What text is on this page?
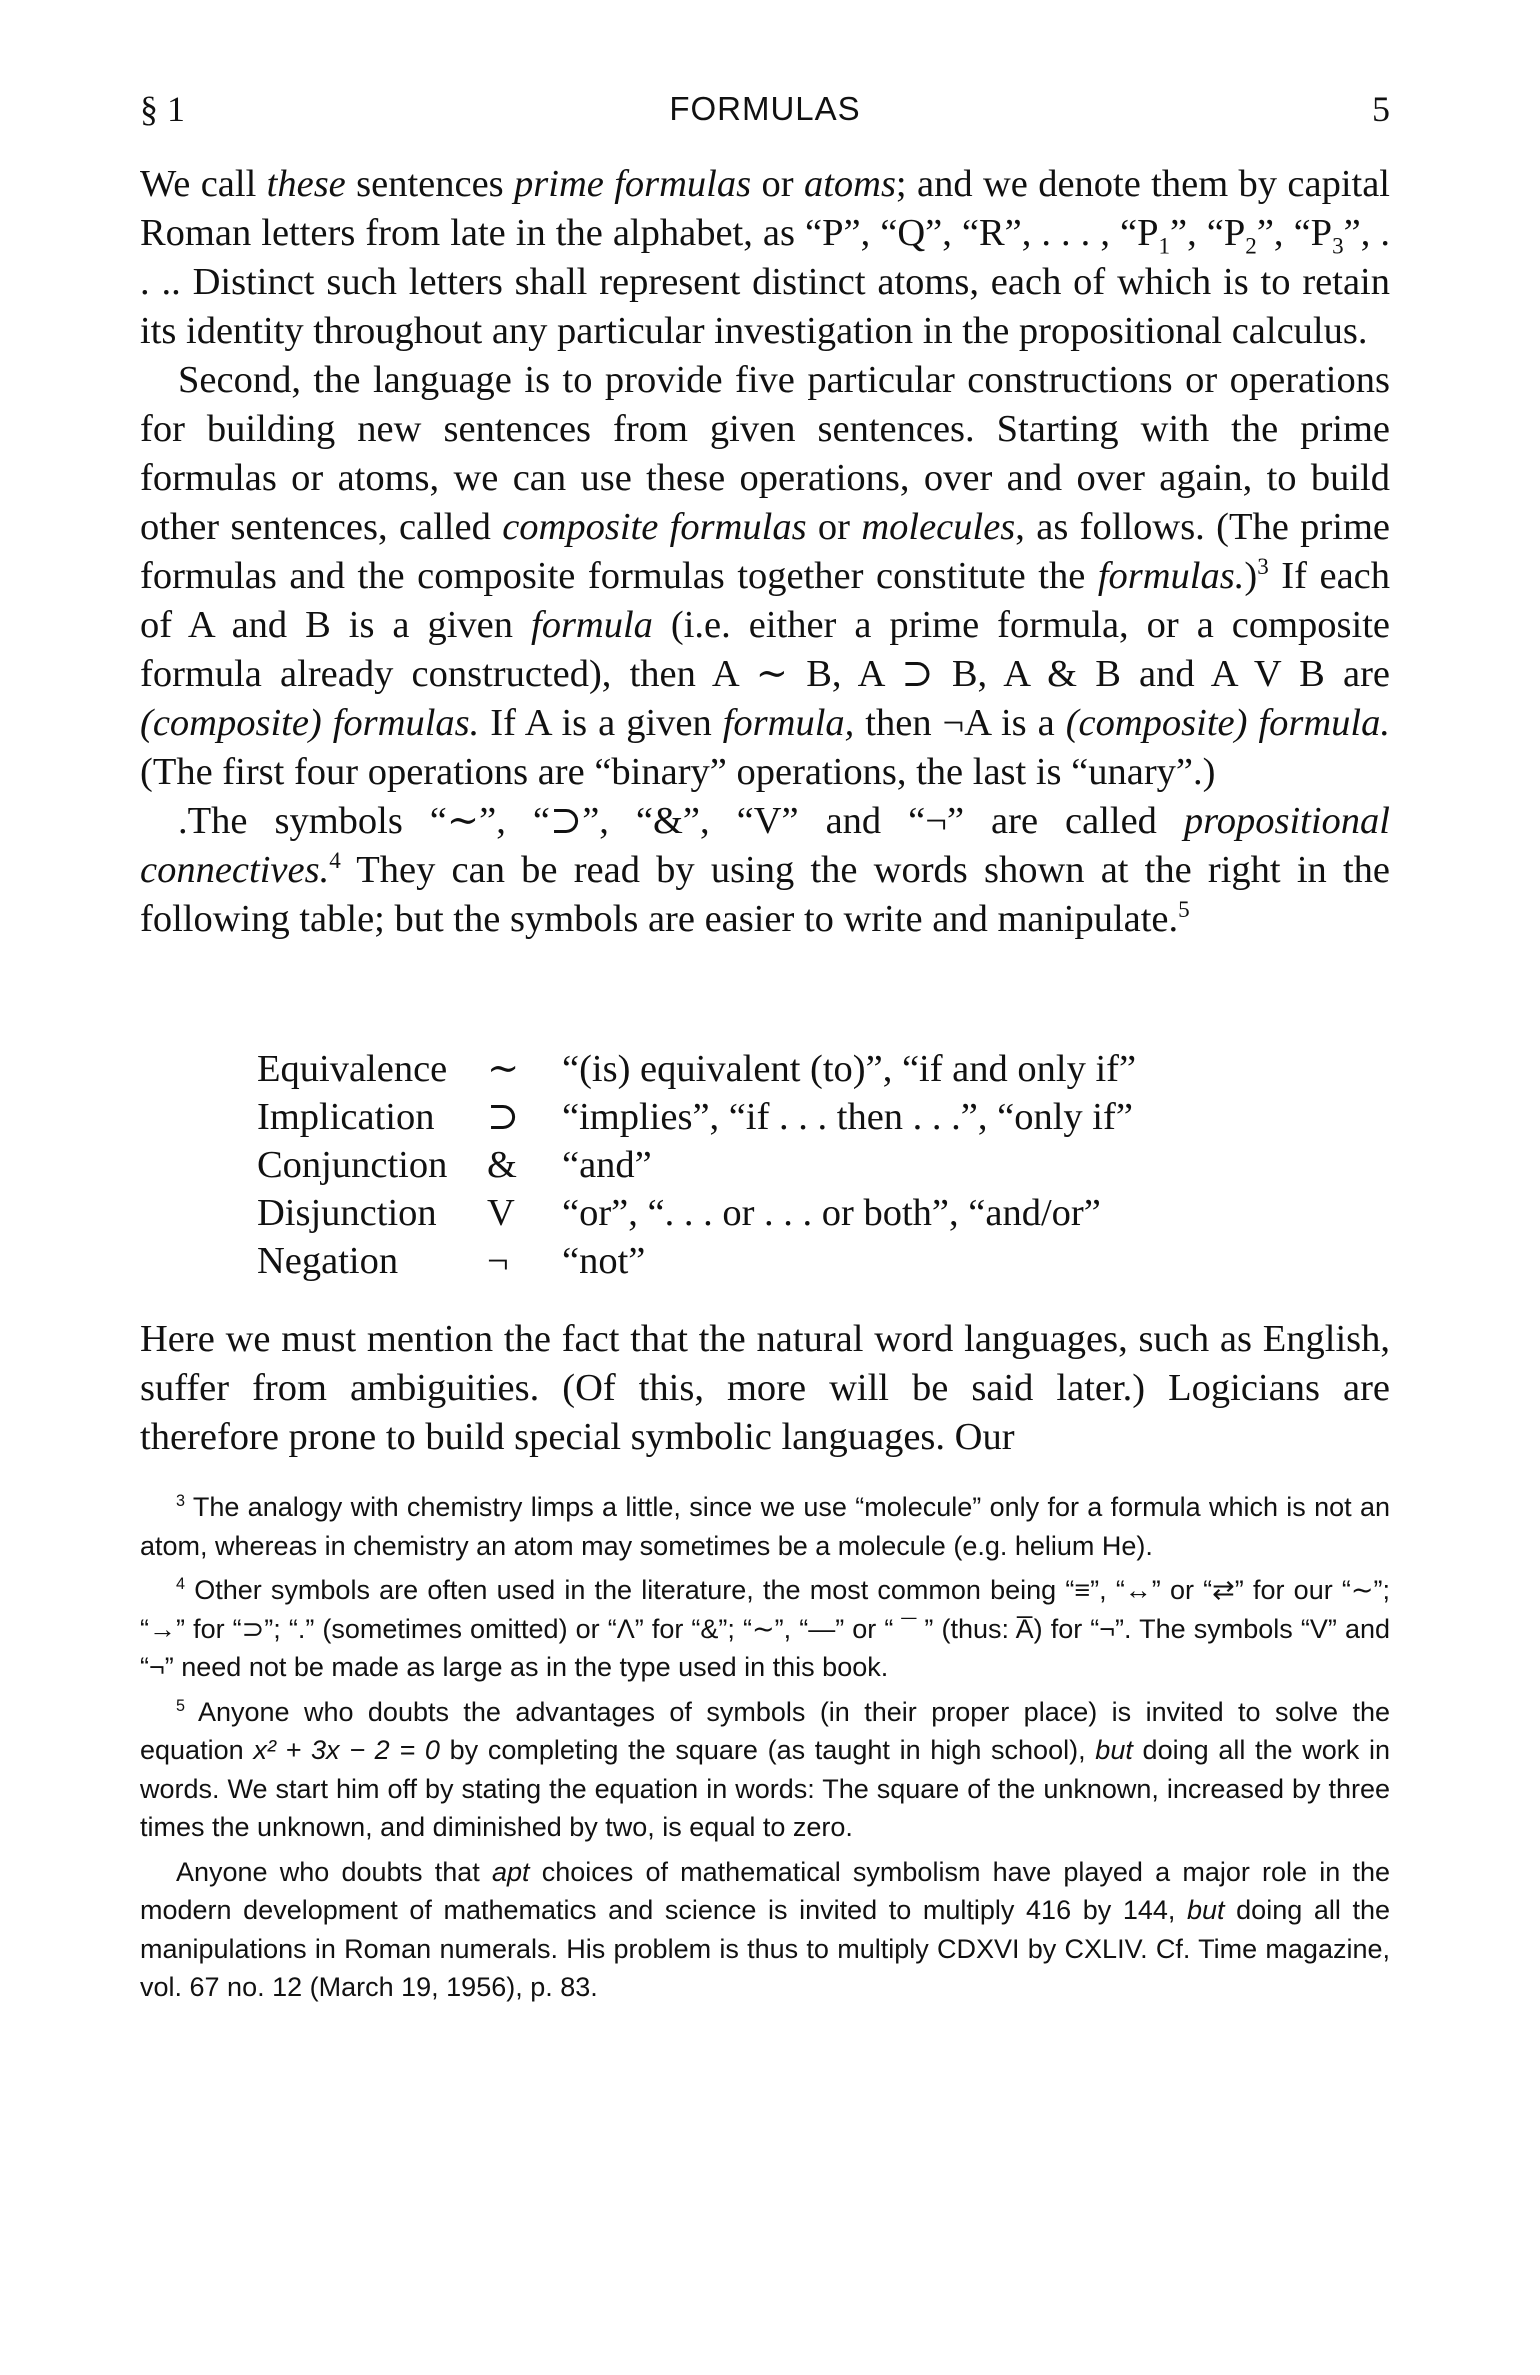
§ 1	FORMULAS	5

We call these sentences prime formulas or atoms; and we denote them by capital Roman letters from late in the alphabet, as “P”, “Q”, “R”, . . . , “$P_1$”, “$P_2$”, “$P_3$”, . . .. Distinct such letters shall represent distinct atoms, each of which is to retain its identity throughout any particular investigation in the propositional calculus.

Second, the language is to provide five particular constructions or operations for building new sentences from given sentences. Starting with the prime formulas or atoms, we can use these operations, over and over again, to build other sentences, called composite formulas or molecules, as follows. (The prime formulas and the composite formulas together constitute the formulas.)$^3$ If each of A and B is a given formula (i.e. either a prime formula, or a composite formula already constructed), then A ∼ B, A ⊃ B, A & B and A V B are (composite) formulas. If A is a given formula, then ¬A is a (composite) formula. (The first four operations are “binary” operations, the last is “unary”.)

.The symbols “∼”, “⊃”, “&”, “V” and “¬” are called propositional connectives.$^4$ They can be read by using the words shown at the right in the following table; but the symbols are easier to write and manipulate.$^5$

Equivalence	∼	“(is) equivalent (to)”, “if and only if”
Implication	⊃	“implies”, “if . . . then . . .”, “only if”
Conjunction	&	“and”
Disjunction	V	“or”, “. . . or . . . or both”, “and/or”
Negation	¬	“not”

Here we must mention the fact that the natural word languages, such as English, suffer from ambiguities. (Of this, more will be said later.) Logicians are therefore prone to build special symbolic languages. Our

$^3$ The analogy with chemistry limps a little, since we use “molecule” only for a formula which is not an atom, whereas in chemistry an atom may sometimes be a molecule (e.g. helium He).

$^4$ Other symbols are often used in the literature, the most common being “≡”, “↔” or “⇄” for our “∼”; “→” for “⊃”; “.” (sometimes omitted) or “Λ” for “&”; “∼”, “—” or “ ¯ ” (thus: A̅) for “¬”. The symbols “V” and “¬” need not be made as large as in the type used in this book.

$^5$ Anyone who doubts the advantages of symbols (in their proper place) is invited to solve the equation x² + 3x − 2 = 0 by completing the square (as taught in high school), but doing all the work in words. We start him off by stating the equation in words: The square of the unknown, increased by three times the unknown, and diminished by two, is equal to zero.

Anyone who doubts that apt choices of mathematical symbolism have played a major role in the modern development of mathematics and science is invited to multiply 416 by 144, but doing all the manipulations in Roman numerals. His problem is thus to multiply CDXVI by CXLIV. Cf. Time magazine, vol. 67 no. 12 (March 19, 1956), p. 83.
